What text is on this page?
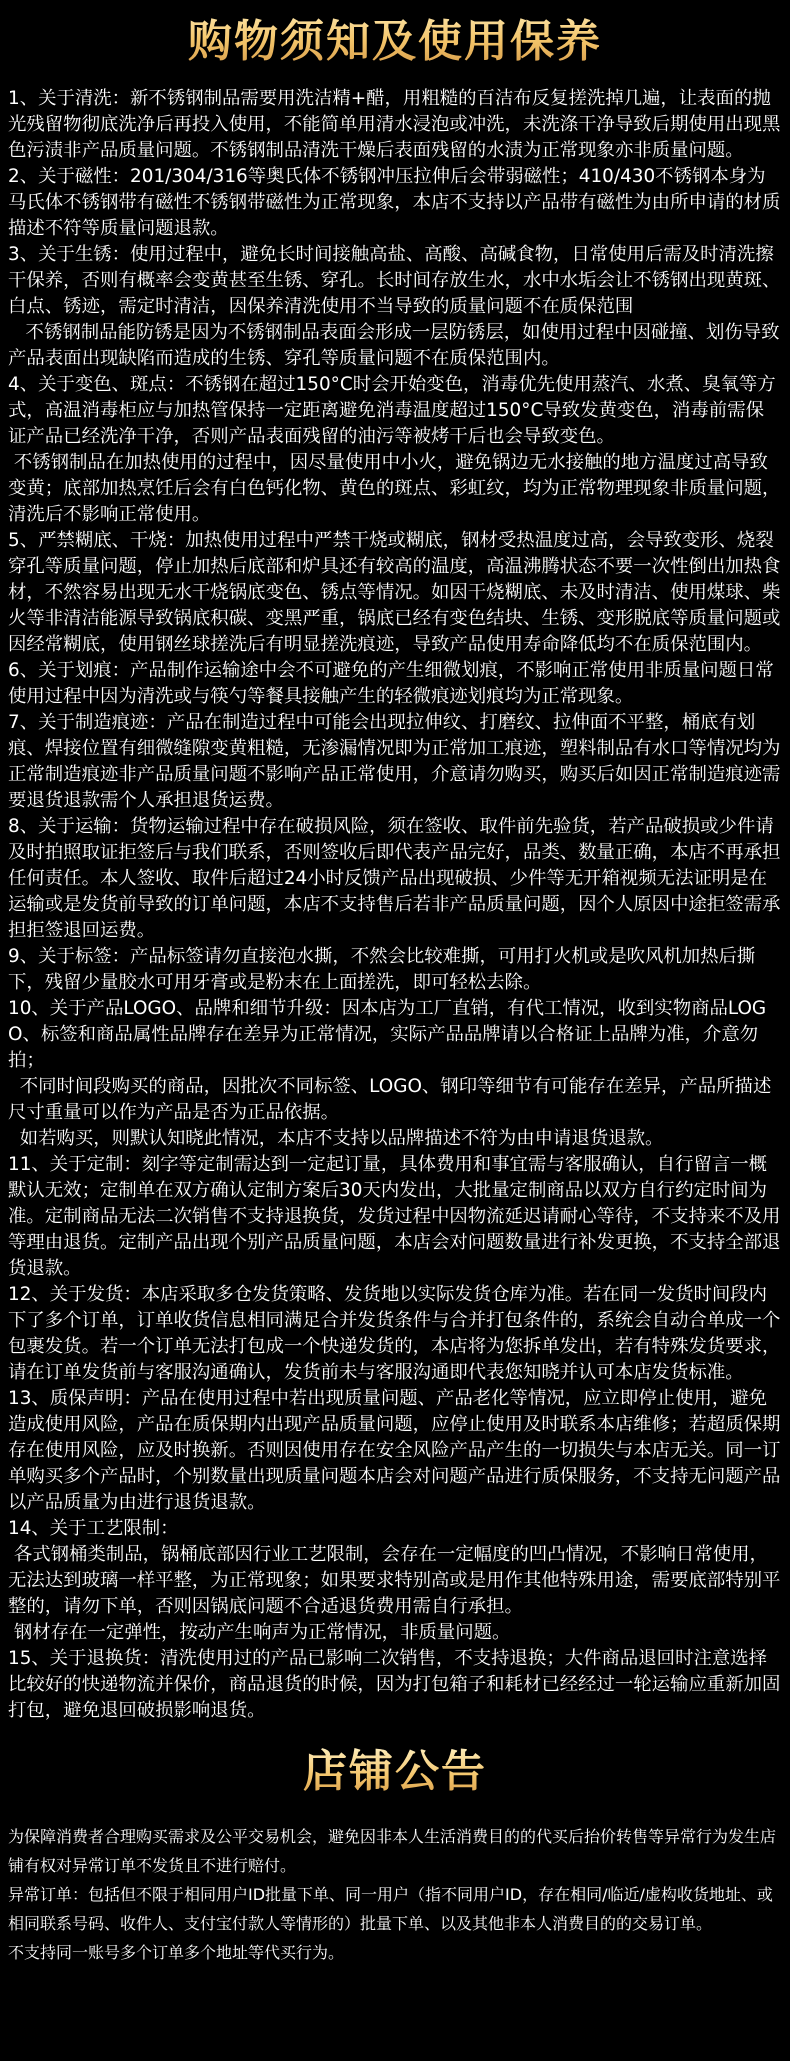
购物须知及使用保养

1、关于清洗：新不锈钢制品需要用洗洁精+醋，用粗糙的百洁布反复搓洗掉几遍，让表面的抛光残留物彻底洗净后再投入使用，不能简单用清水浸泡或冲洗，未洗涤干净导致后期使用出现黑色污渍非产品质量问题。不锈钢制品清洗干燥后表面残留的水渍为正常现象亦非质量问题。

2、关于磁性：201/304/316等奥氏体不锈钢冲压拉伸后会带弱磁性；410/430不锈钢本身为马氏体不锈钢带有磁性不锈钢带磁性为正常现象，本店不支持以产品带有磁性为由所申请的材质描述不符等质量问题退款。

3、关于生锈：使用过程中，避免长时间接触高盐、高酸、高碱食物，日常使用后需及时清洗擦干保养，否则有概率会变黄甚至生锈、穿孔。长时间存放生水，水中水垢会让不锈钢出现黄斑、白点、锈迹，需定时清洁，因保养清洗使用不当导致的质量问题不在质保范围
不锈钢制品能防锈是因为不锈钢制品表面会形成一层防锈层，如使用过程中因碰撞、划伤导致产品表面出现缺陷而造成的生锈、穿孔等质量问题不在质保范围内。

4、关于变色、斑点：不锈钢在超过150°C时会开始变色，消毒优先使用蒸汽、水煮、臭氧等方式，高温消毒柜应与加热管保持一定距离避免消毒温度超过150°C导致发黄变色，消毒前需保证产品已经洗净干净，否则产品表面残留的油污等被烤干后也会导致变色。
不锈钢制品在加热使用的过程中，因尽量使用中小火，避免锅边无水接触的地方温度过高导致变黄；底部加热烹饪后会有白色钙化物、黄色的斑点、彩虹纹，均为正常物理现象非质量问题，清洗后不影响正常使用。

5、严禁糊底、干烧：加热使用过程中严禁干烧或糊底，钢材受热温度过高，会导致变形、烧裂穿孔等质量问题，停止加热后底部和炉具还有较高的温度，高温沸腾状态不要一次性倒出加热食材，不然容易出现无水干烧锅底变色、锈点等情况。如因干烧糊底、未及时清洁、使用煤球、柴火等非清洁能源导致锅底积碳、变黑严重，锅底已经有变色结块、生锈、变形脱底等质量问题或因经常糊底，使用钢丝球搓洗后有明显搓洗痕迹，导致产品使用寿命降低均不在质保范围内。

6、关于划痕：产品制作运输途中会不可避免的产生细微划痕，不影响正常使用非质量问题日常使用过程中因为清洗或与筷勺等餐具接触产生的轻微痕迹划痕均为正常现象。

7、关于制造痕迹：产品在制造过程中可能会出现拉伸纹、打磨纹、拉伸面不平整，桶底有划痕、焊接位置有细微缝隙变黄粗糙，无渗漏情况即为正常加工痕迹，塑料制品有水口等情况均为正常制造痕迹非产品质量问题不影响产品正常使用，介意请勿购买，购买后如因正常制造痕迹需要退货退款需个人承担退货运费。

8、关于运输：货物运输过程中存在破损风险，须在签收、取件前先验货，若产品破损或少件请及时拍照取证拒签后与我们联系，否则签收后即代表产品完好，品类、数量正确，本店不再承担任何责任。本人签收、取件后超过24小时反馈产品出现破损、少件等无开箱视频无法证明是在运输或是发货前导致的订单问题，本店不支持售后若非产品质量问题，因个人原因中途拒签需承担拒签退回运费。

9、关于标签：产品标签请勿直接泡水撕，不然会比较难撕，可用打火机或是吹风机加热后撕下，残留少量胶水可用牙膏或是粉末在上面搓洗，即可轻松去除。

10、关于产品LOGO、品牌和细节升级：因本店为工厂直销，有代工情况，收到实物商品LOGO、标签和商品属性品牌存在差异为正常情况，实际产品品牌请以合格证上品牌为准，介意勿拍；
不同时间段购买的商品，因批次不同标签、LOGO、钢印等细节有可能存在差异，产品所描述尺寸重量可以作为产品是否为正品依据。
如若购买，则默认知晓此情况，本店不支持以品牌描述不符为由申请退货退款。

11、关于定制：刻字等定制需达到一定起订量，具体费用和事宜需与客服确认，自行留言一概默认无效；定制单在双方确认定制方案后30天内发出，大批量定制商品以双方自行约定时间为准。定制商品无法二次销售不支持退换货，发货过程中因物流延迟请耐心等待，不支持来不及用等理由退货。定制产品出现个别产品质量问题，本店会对问题数量进行补发更换，不支持全部退货退款。

12、关于发货：本店采取多仓发货策略、发货地以实际发货仓库为准。若在同一发货时间段内下了多个订单，订单收货信息相同满足合并发货条件与合并打包条件的，系统会自动合单成一个包裹发货。若一个订单无法打包成一个快递发货的，本店将为您拆单发出，若有特殊发货要求，请在订单发货前与客服沟通确认，发货前未与客服沟通即代表您知晓并认可本店发货标准。

13、质保声明：产品在使用过程中若出现质量问题、产品老化等情况，应立即停止使用，避免造成使用风险，产品在质保期内出现产品质量问题，应停止使用及时联系本店维修；若超质保期存在使用风险，应及时换新。否则因使用存在安全风险产品产生的一切损失与本店无关。同一订单购买多个产品时，个别数量出现质量问题本店会对问题产品进行质保服务，不支持无问题产品以产品质量为由进行退货退款。

14、关于工艺限制：
各式钢桶类制品，锅桶底部因行业工艺限制，会存在一定幅度的凹凸情况，不影响日常使用，无法达到玻璃一样平整，为正常现象；如果要求特别高或是用作其他特殊用途，需要底部特别平整的，请勿下单，否则因锅底问题不合适退货费用需自行承担。
钢材存在一定弹性，按动产生响声为正常情况，非质量问题。

15、关于退换货：清洗使用过的产品已影响二次销售，不支持退换；大件商品退回时注意选择比较好的快递物流并保价，商品退货的时候，因为打包箱子和耗材已经经过一轮运输应重新加固打包，避免退回破损影响退货。

店铺公告

为保障消费者合理购买需求及公平交易机会，避免因非本人生活消费目的的代买后抬价转售等异常行为发生店铺有权对异常订单不发货且不进行赔付。

异常订单：包括但不限于相同用户ID批量下单、同一用户（指不同用户ID，存在相同/临近/虚构收货地址、或相同联系号码、收件人、支付宝付款人等情形的）批量下单、以及其他非本人消费目的的交易订单。

不支持同一账号多个订单多个地址等代买行为。
